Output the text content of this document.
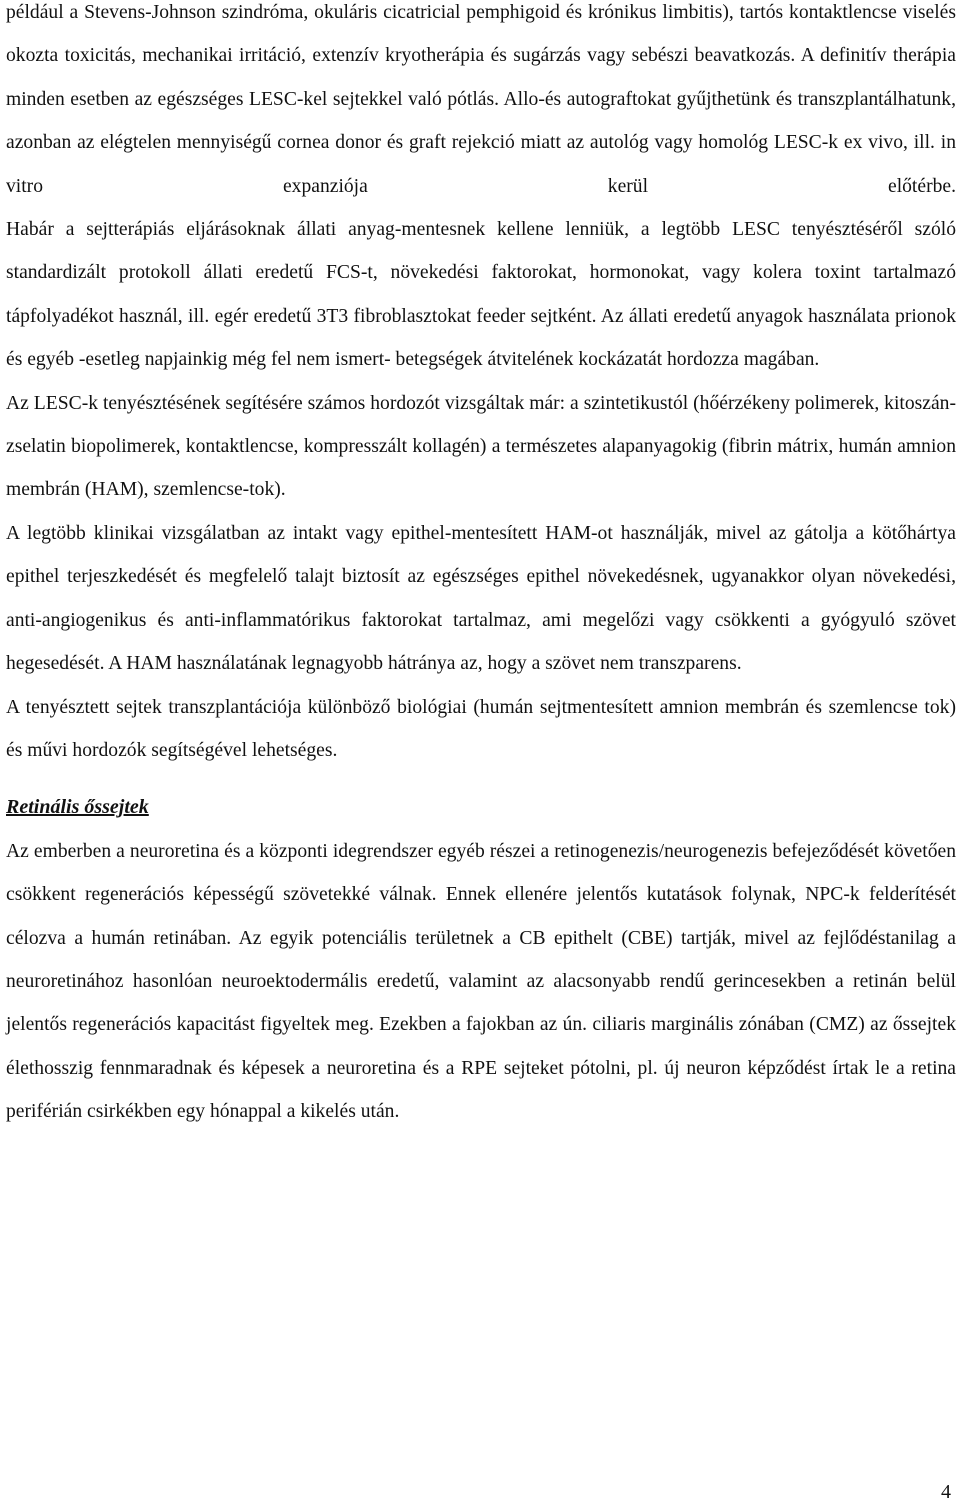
például a Stevens-Johnson szindróma, okuláris cicatricial pemphigoid és krónikus limbitis), tartós kontaktlencse viselés okozta toxicitás, mechanikai irritáció, extenzív kryotherápia és sugárzás vagy sebészi beavatkozás. A definitív therápia minden esetben az egészséges LESC-kel sejtekkel való pótlás. Allo-és autograftokat gyűjthetünk és transzplantálhatunk, azonban az elégtelen mennyiségű cornea donor és graft rejekció miatt az autológ vagy homológ LESC-k ex vivo, ill. in vitro expanziója kerül előtérbe.

Habár a sejtterápiás eljárásoknak állati anyag-mentesnek kellene lenniük, a legtöbb LESC tenyésztéséről szóló standardizált protokoll állati eredetű FCS-t, növekedési faktorokat, hormonokat, vagy kolera toxint tartalmazó tápfolyadékot használ, ill. egér eredetű 3T3 fibroblasztokat feeder sejtként. Az állati eredetű anyagok használata prionok és egyéb -esetleg napjainkig még fel nem ismert- betegségek átvitelének kockázatát hordozza magában.

Az LESC-k tenyésztésének segítésére számos hordozót vizsgáltak már: a szintetikustól (hőérzékeny polimerek, kitoszán-zselatin biopolimerek, kontaktlencse, kompresszált kollagén) a természetes alapanyagokig (fibrin mátrix, humán amnion membrán (HAM), szemlencse-tok).

A legtöbb klinikai vizsgálatban az intakt vagy epithel-mentesített HAM-ot használják, mivel az gátolja a kötőhártya epithel terjeszkedését és megfelelő talajt biztosít az egészséges epithel növekedésnek, ugyanakkor olyan növekedési, anti-angiogenikus és anti-inflammatórikus faktorokat tartalmaz, ami megelőzi vagy csökkenti a gyógyuló szövet hegesedését. A HAM használatának legnagyobb hátránya az, hogy a szövet nem transzparens.

A tenyésztett sejtek transzplantációja különböző biológiai (humán sejtmentesített amnion membrán és szemlencse tok) és művi hordozók segítségével lehetséges.

Retinális őssejtek

Az emberben a neuroretina és a központi idegrendszer egyéb részei a retinogenezis/neurogenezis befejeződését követően csökkent regenerációs képességű szövetekké válnak. Ennek ellenére jelentős kutatások folynak, NPC-k felderítését célozva a humán retinában. Az egyik potenciális területnek a CB epithelt (CBE) tartják, mivel az fejlődéstanilag a neuroretinához hasonlóan neuroektodermális eredetű, valamint az alacsonyabb rendű gerincesekben a retinán belül jelentős regenerációs kapacitást figyeltek meg. Ezekben a fajokban az ún. ciliaris marginális zónában (CMZ) az őssejtek élethosszig fennmaradnak és képesek a neuroretina és a RPE sejteket pótolni, pl. új neuron képződést írtak le a retina periférián csirkékben egy hónappal a kikelés után.

4
